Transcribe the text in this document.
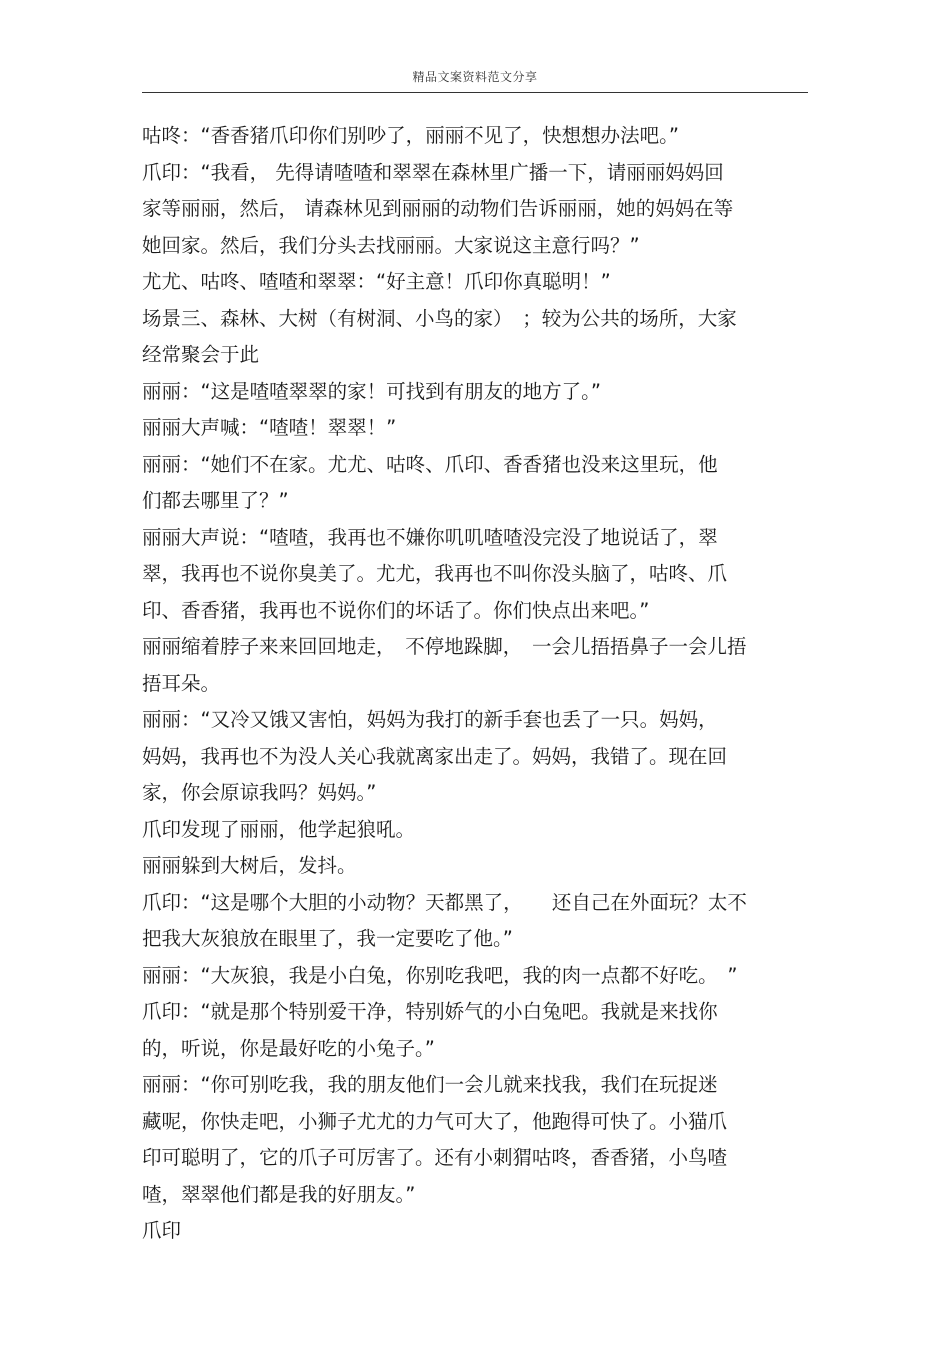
精品文案资料范文分享
咕咚：“香香猪爪印你们别吵了，丽丽不见了，快想想办法吧。”
爪印：“我看， 先得请喳喳和翠翠在森林里广播一下，请丽丽妈妈回
家等丽丽，然后， 请森林见到丽丽的动物们告诉丽丽，她的妈妈在等
她回家。然后，我们分头去找丽丽。大家说这主意行吗？”
尤尤、咕咚、喳喳和翠翠：“好主意！爪印你真聪明！”
场景三、森林、大树（有树洞、小鸟的家）　；较为公共的场所，大家
经常聚会于此
丽丽：“这是喳喳翠翠的家！可找到有朋友的地方了。”
丽丽大声喊：“喳喳！翠翠！”
丽丽：“她们不在家。尤尤、咕咚、爪印、香香猪也没来这里玩，他
们都去哪里了？”
丽丽大声说：“喳喳，我再也不嫌你叽叽喳喳没完没了地说话了，翠
翠，我再也不说你臭美了。尤尤，我再也不叫你没头脑了，咕咚、爪
印、香香猪，我再也不说你们的坏话了。你们快点出来吧。”
丽丽缩着脖子来来回回地走，　不停地跺脚，　一会儿捂捂鼻子一会儿捂
捂耳朵。
丽丽：“又冷又饿又害怕，妈妈为我打的新手套也丢了一只。妈妈，
妈妈，我再也不为没人关心我就离家出走了。妈妈，我错了。现在回
家，你会原谅我吗？妈妈。”
爪印发现了丽丽，他学起狼吼。
丽丽躲到大树后，发抖。
爪印：“这是哪个大胆的小动物？天都黑了，　　还自己在外面玩？太不
把我大灰狼放在眼里了，我一定要吃了他。”
丽丽：“大灰狼，我是小白兔，你别吃我吧，我的肉一点都不好吃。　”
爪印：“就是那个特别爱干净，特别娇气的小白兔吧。我就是来找你
的，听说，你是最好吃的小兔子。”
丽丽：“你可别吃我，我的朋友他们一会儿就来找我，我们在玩捉迷
藏呢，你快走吧，小狮子尤尤的力气可大了，他跑得可快了。小猫爪
印可聪明了，它的爪子可厉害了。还有小刺猬咕咚，香香猪，小鸟喳
喳，翠翠他们都是我的好朋友。”
爪印
